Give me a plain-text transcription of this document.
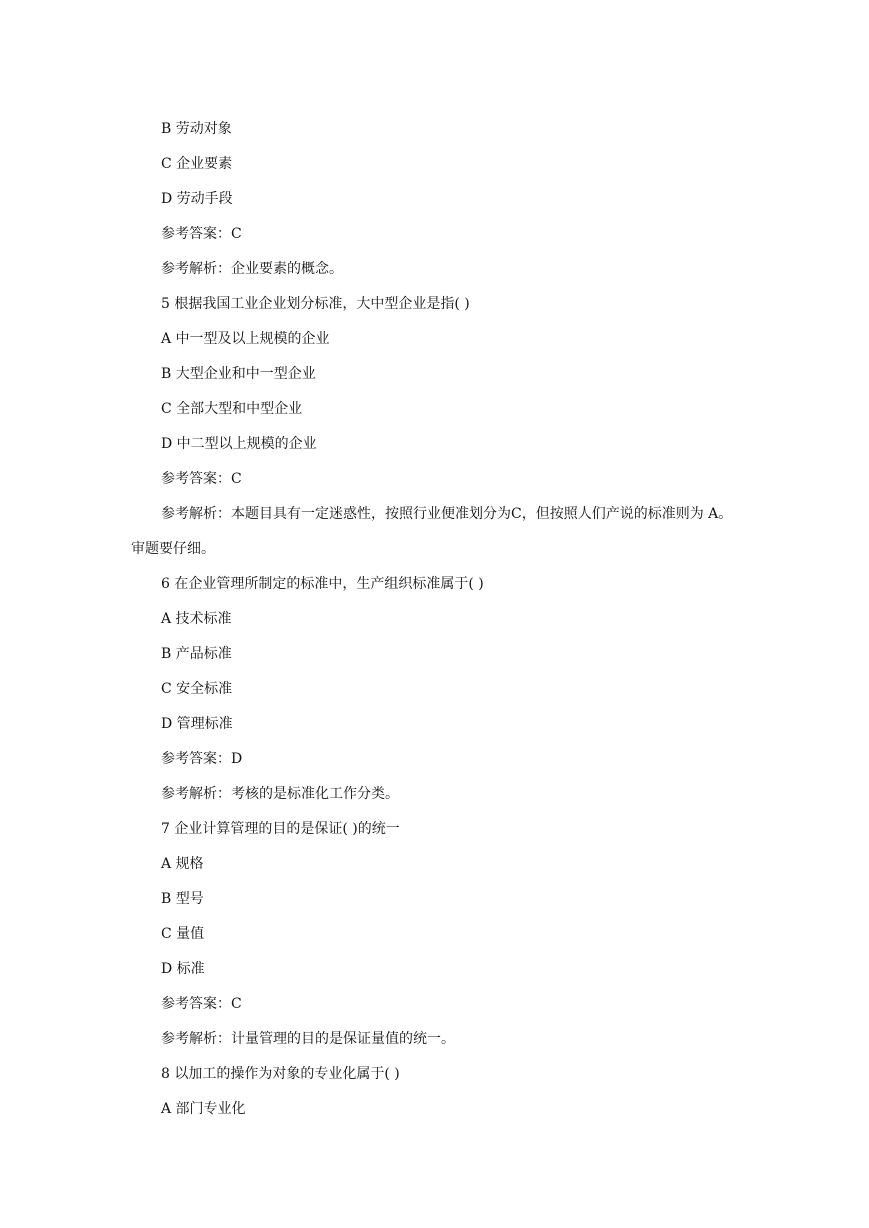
B 劳动对象
C 企业要素
D 劳动手段
参考答案：C
参考解析：企业要素的概念。
5 根据我国工业企业划分标准，大中型企业是指( )
A 中一型及以上规模的企业
B 大型企业和中一型企业
C 全部大型和中型企业
D 中二型以上规模的企业
参考答案：C
参考解析：本题目具有一定迷惑性，按照行业便准划分为C，但按照人们产说的标准则为 A。审题要仔细。
6 在企业管理所制定的标准中，生产组织标准属于( )
A 技术标准
B 产品标准
C 安全标准
D 管理标准
参考答案：D
参考解析：考核的是标准化工作分类。
7 企业计算管理的目的是保证( )的统一
A 规格
B 型号
C 量值
D 标准
参考答案：C
参考解析：计量管理的目的是保证量值的统一。
8 以加工的操作为对象的专业化属于( )
A 部门专业化
